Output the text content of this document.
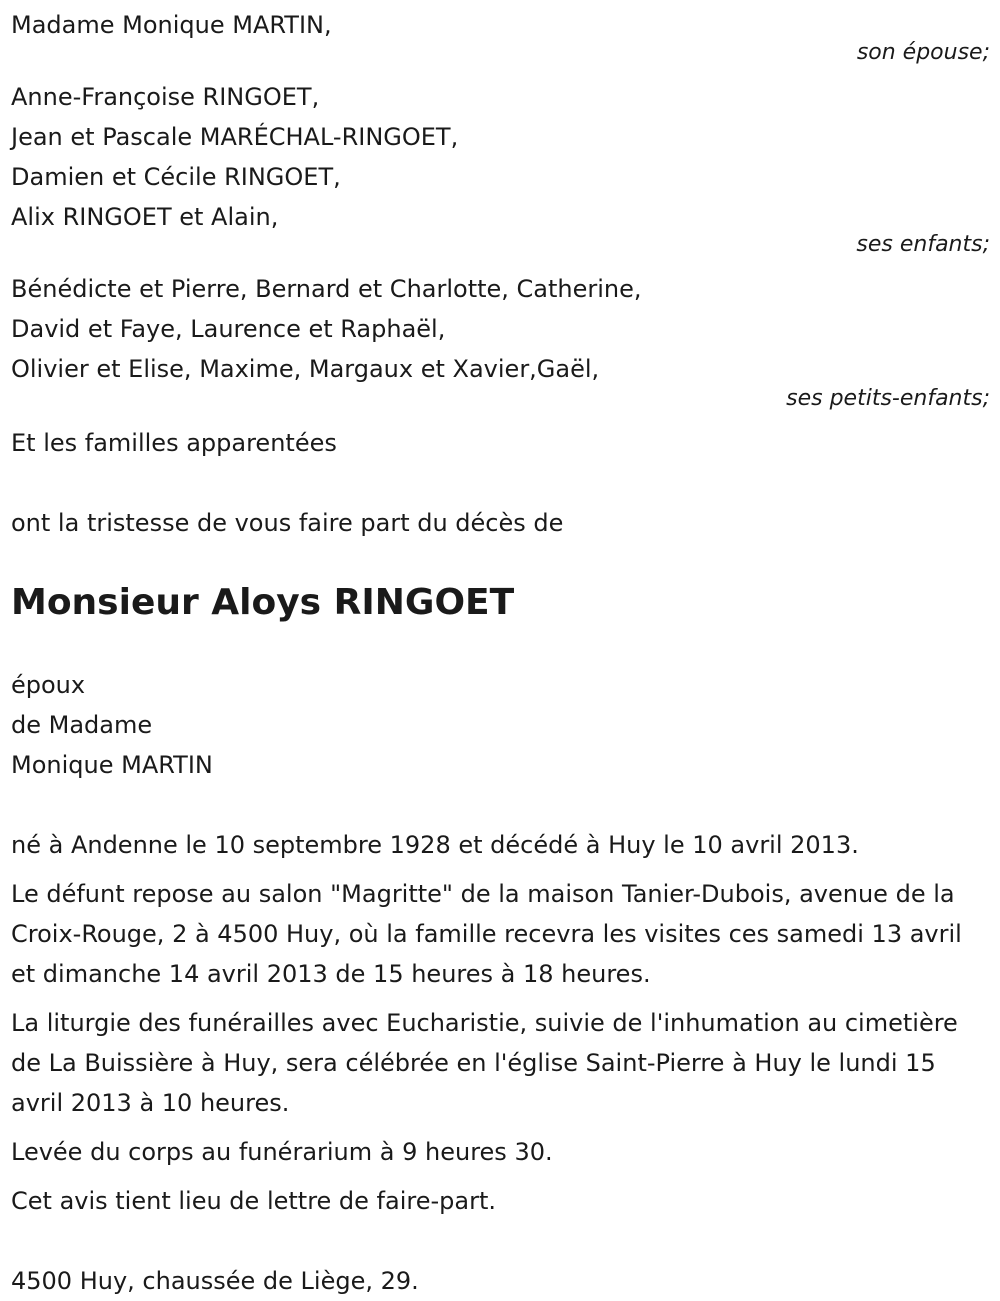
Madame Monique MARTIN,
son épouse;
Anne-Françoise RINGOET,
Jean et Pascale MARÉCHAL-RINGOET,
Damien et Cécile RINGOET,
Alix RINGOET et Alain,
ses enfants;
Bénédicte et Pierre, Bernard et Charlotte, Catherine,
David et Faye, Laurence et Raphaël,
Olivier et Elise, Maxime, Margaux et Xavier,Gaël,
ses petits-enfants;
Et les familles apparentées
ont la tristesse de vous faire part du décès de
Monsieur Aloys RINGOET
époux
de Madame
Monique MARTIN
né à Andenne le 10 septembre 1928 et décédé à Huy le 10 avril 2013.
Le défunt repose au salon "Magritte" de la maison Tanier-Dubois, avenue de la Croix-Rouge, 2 à 4500 Huy, où la famille recevra les visites ces samedi 13 avril et dimanche 14 avril 2013 de 15 heures à 18 heures.
La liturgie des funérailles avec Eucharistie, suivie de l'inhumation au cimetière de La Buissière à Huy, sera célébrée en l'église Saint-Pierre à Huy le lundi 15 avril 2013 à 10 heures.
Levée du corps au funérarium à 9 heures 30.
Cet avis tient lieu de lettre de faire-part.
4500 Huy, chaussée de Liège, 29.
